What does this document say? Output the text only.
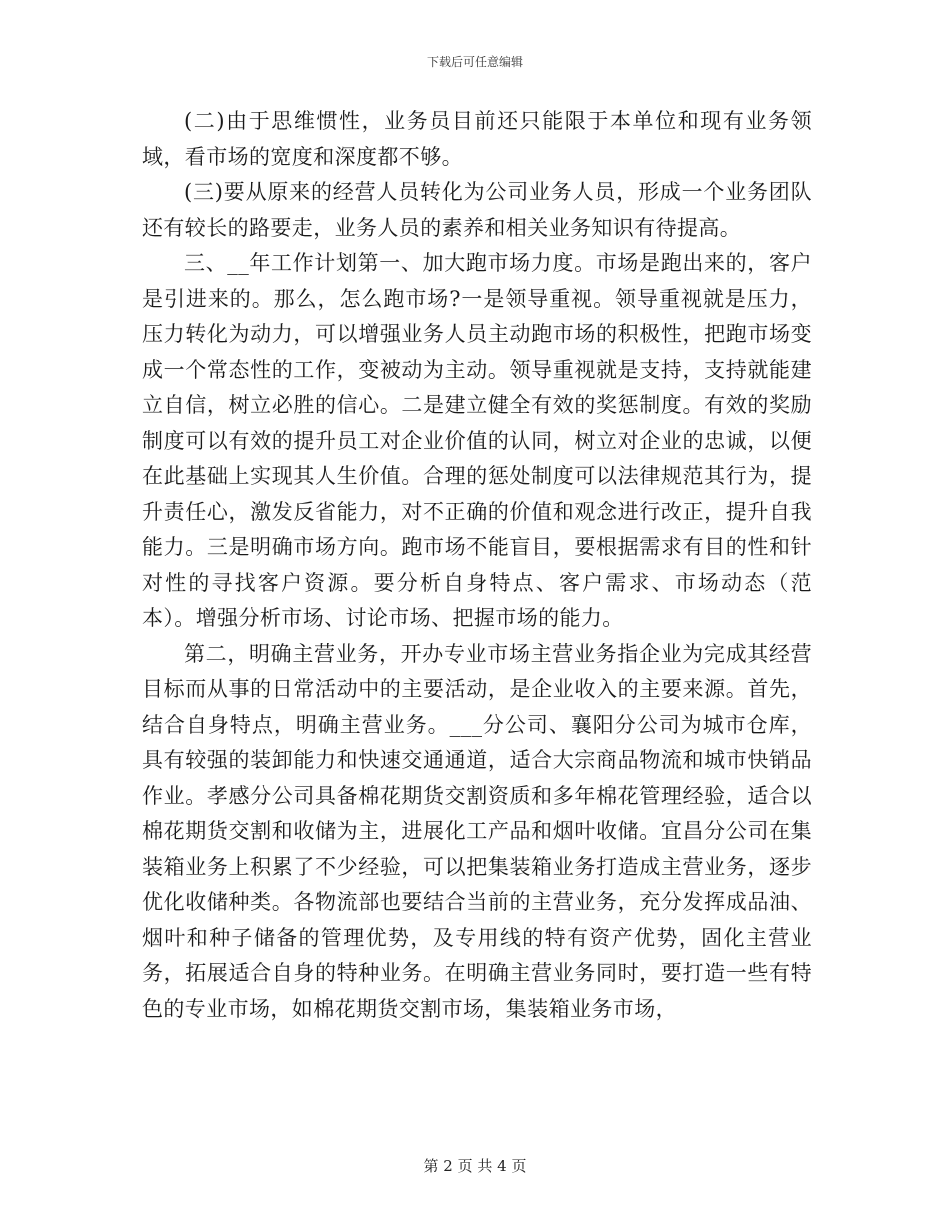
下载后可任意编辑

(二)由于思维惯性，业务员目前还只能限于本单位和现有业务领域，看市场的宽度和深度都不够。

(三)要从原来的经营人员转化为公司业务人员，形成一个业务团队还有较长的路要走，业务人员的素养和相关业务知识有待提高。

三、__年工作计划第一、加大跑市场力度。市场是跑出来的，客户是引进来的。那么，怎么跑市场?一是领导重视。领导重视就是压力，压力转化为动力，可以增强业务人员主动跑市场的积极性，把跑市场变成一个常态性的工作，变被动为主动。领导重视就是支持，支持就能建立自信，树立必胜的信心。二是建立健全有效的奖惩制度。有效的奖励制度可以有效的提升员工对企业价值的认同，树立对企业的忠诚，以便在此基础上实现其人生价值。合理的惩处制度可以法律规范其行为，提升责任心，激发反省能力，对不正确的价值和观念进行改正，提升自我能力。三是明确市场方向。跑市场不能盲目，要根据需求有目的性和针对性的寻找客户资源。要分析自身特点、客户需求、市场动态（范本）。增强分析市场、讨论市场、把握市场的能力。

第二，明确主营业务，开办专业市场主营业务指企业为完成其经营目标而从事的日常活动中的主要活动，是企业收入的主要来源。首先，结合自身特点，明确主营业务。___分公司、襄阳分公司为城市仓库，具有较强的装卸能力和快速交通通道，适合大宗商品物流和城市快销品作业。孝感分公司具备棉花期货交割资质和多年棉花管理经验，适合以棉花期货交割和收储为主，进展化工产品和烟叶收储。宜昌分公司在集装箱业务上积累了不少经验，可以把集装箱业务打造成主营业务，逐步优化收储种类。各物流部也要结合当前的主营业务，充分发挥成品油、烟叶和种子储备的管理优势，及专用线的特有资产优势，固化主营业务，拓展适合自身的特种业务。在明确主营业务同时，要打造一些有特色的专业市场，如棉花期货交割市场，集装箱业务市场，

第 2 页 共 4 页
